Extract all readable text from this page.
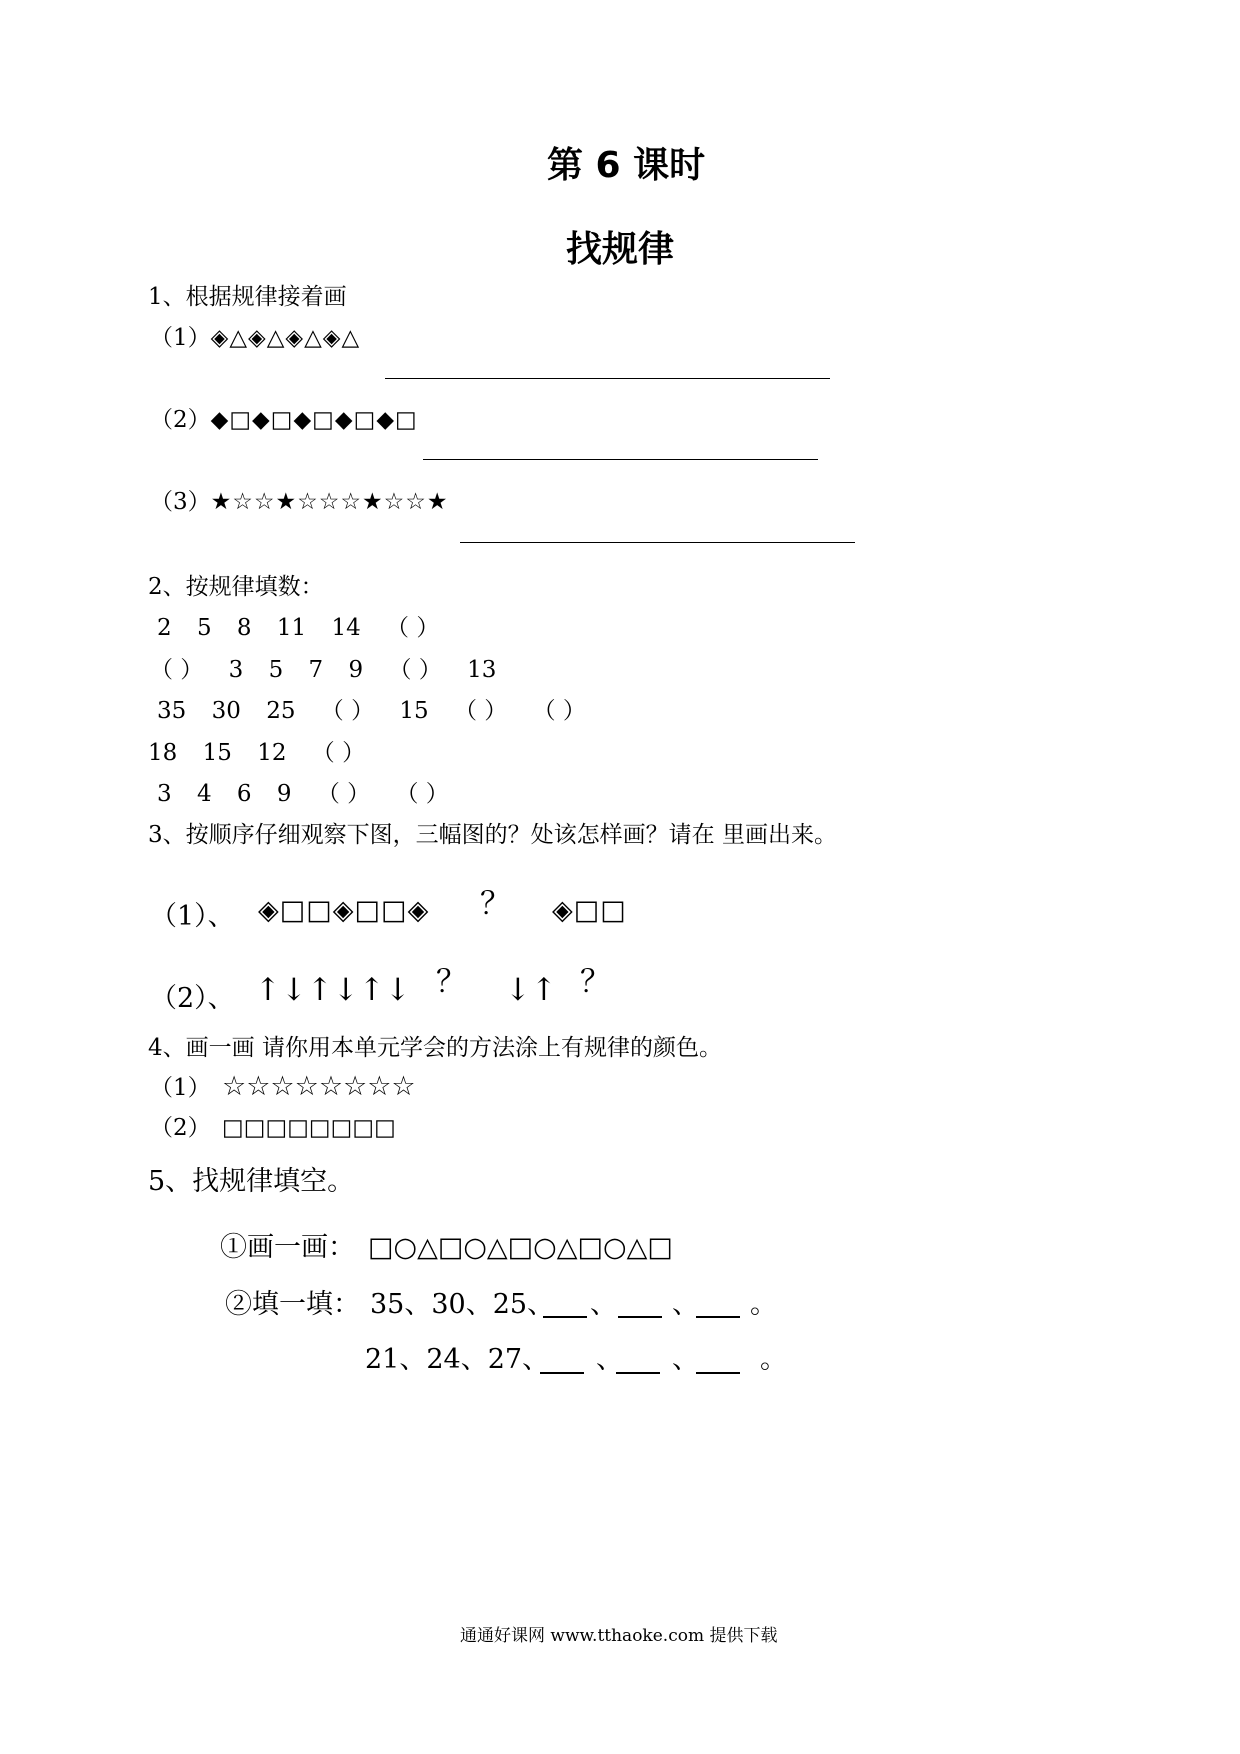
第 6 课时
找规律
1、根据规律接着画
（1）◈△◈△◈△◈△
（2）◆□◆□◆□◆□◆□
（3）★☆☆★☆☆☆★☆☆★
2、按规律填数：
2 5 8 11 14 （ ）
（ ） 3 5 7 9 （ ） 13
35 30 25 （ ） 15 （ ） （ ）
18 15 12 （ ）
3 4 6 9 （ ） （ ）
3、按顺序仔细观察下图，三幅图的？处该怎样画？请在 里画出来。
（1）、 ◈□□◈□□◈ ？ ◈□□
（2）、 ↑↓↑↓↑↓ ？ ↓↑ ？
4、画一画 请你用本单元学会的方法涂上有规律的颜色。
（1） ☆☆☆☆☆☆☆☆
（2） □□□□□□□□
5、找规律填空。
①画一画： □○△□○△□○△□○△□
②填一填： 35、30、25、 、 、 。
21、24、27、 、 、 。
通通好课网 www.tthaoke.com 提供下载
